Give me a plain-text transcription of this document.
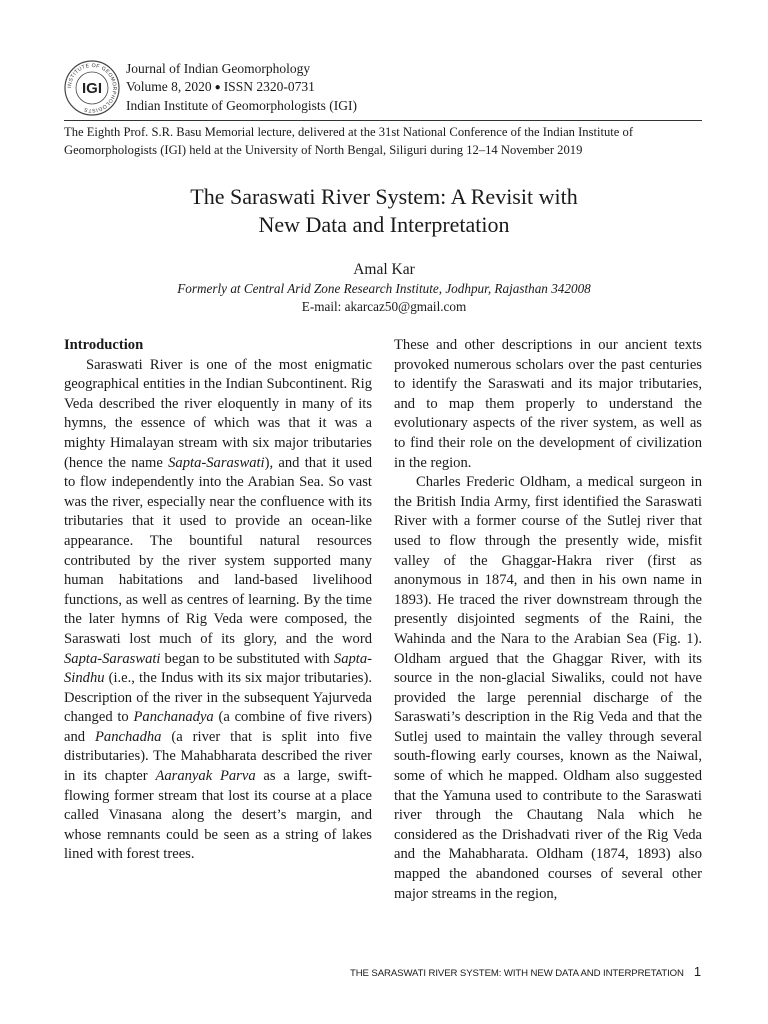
INSTITUTE OF GEOMORPHOLOGISTS
IGI
Journal of Indian Geomorphology
Volume 8, 2020 ● ISSN 2320-0731
Indian Institute of Geomorphologists (IGI)
The Eighth Prof. S.R. Basu Memorial lecture, delivered at the 31st National Conference of the Indian Institute of Geomorphologists (IGI) held at the University of North Bengal, Siliguri during 12–14 November 2019
The Saraswati River System: A Revisit with
New Data and Interpretation
Amal Kar
Formerly at Central Arid Zone Research Institute, Jodhpur, Rajasthan 342008
E-mail: akarcaz50@gmail.com
Introduction

Saraswati River is one of the most enigmatic geographical entities in the Indian Subcontinent. Rig Veda described the river eloquently in many of its hymns, the essence of which was that it was a mighty Himalayan stream with six major tributaries (hence the name Sapta-Saraswati), and that it used to flow independently into the Arabian Sea. So vast was the river, especially near the confluence with its tributaries that it used to provide an ocean-like appearance. The bountiful natural resources contributed by the river system supported many human habitations and land-based livelihood functions, as well as centres of learning. By the time the later hymns of Rig Veda were composed, the Saraswati lost much of its glory, and the word Sapta-Saraswati began to be substituted with Sapta-Sindhu (i.e., the Indus with its six major tributaries). Description of the river in the subsequent Yajurveda changed to Panchanadya (a combine of five rivers) and Panchadha (a river that is split into five distributaries). The Mahabharata described the river in its chapter Aaranyak Parva as a large, swift-flowing former stream that lost its course at a place called Vinasana along the desert’s margin, and whose remnants could be seen as a string of lakes lined with forest trees.

These and other descriptions in our ancient texts provoked numerous scholars over the past centuries to identify the Saraswati and its major tributaries, and to map them properly to understand the evolutionary aspects of the river system, as well as to find their role on the development of civilization in the region.

Charles Frederic Oldham, a medical surgeon in the British India Army, first identified the Saraswati River with a former course of the Sutlej river that used to flow through the presently wide, misfit valley of the Ghaggar-Hakra river (first as anonymous in 1874, and then in his own name in 1893). He traced the river downstream through the presently disjointed segments of the Raini, the Wahinda and the Nara to the Arabian Sea (Fig. 1). Oldham argued that the Ghaggar River, with its source in the non-glacial Siwaliks, could not have provided the large perennial discharge of the Saraswati’s description in the Rig Veda and that the Sutlej used to maintain the valley through several south-flowing early courses, known as the Naiwal, some of which he mapped. Oldham also suggested that the Yamuna used to contribute to the Saraswati river through the Chautang Nala which he considered as the Drishadvati river of the Rig Veda and the Mahabharata. Oldham (1874, 1893) also mapped the abandoned courses of several other major streams in the region,

THE SARASWATI RIVER SYSTEM: WITH NEW DATA AND INTERPRETATION 1
